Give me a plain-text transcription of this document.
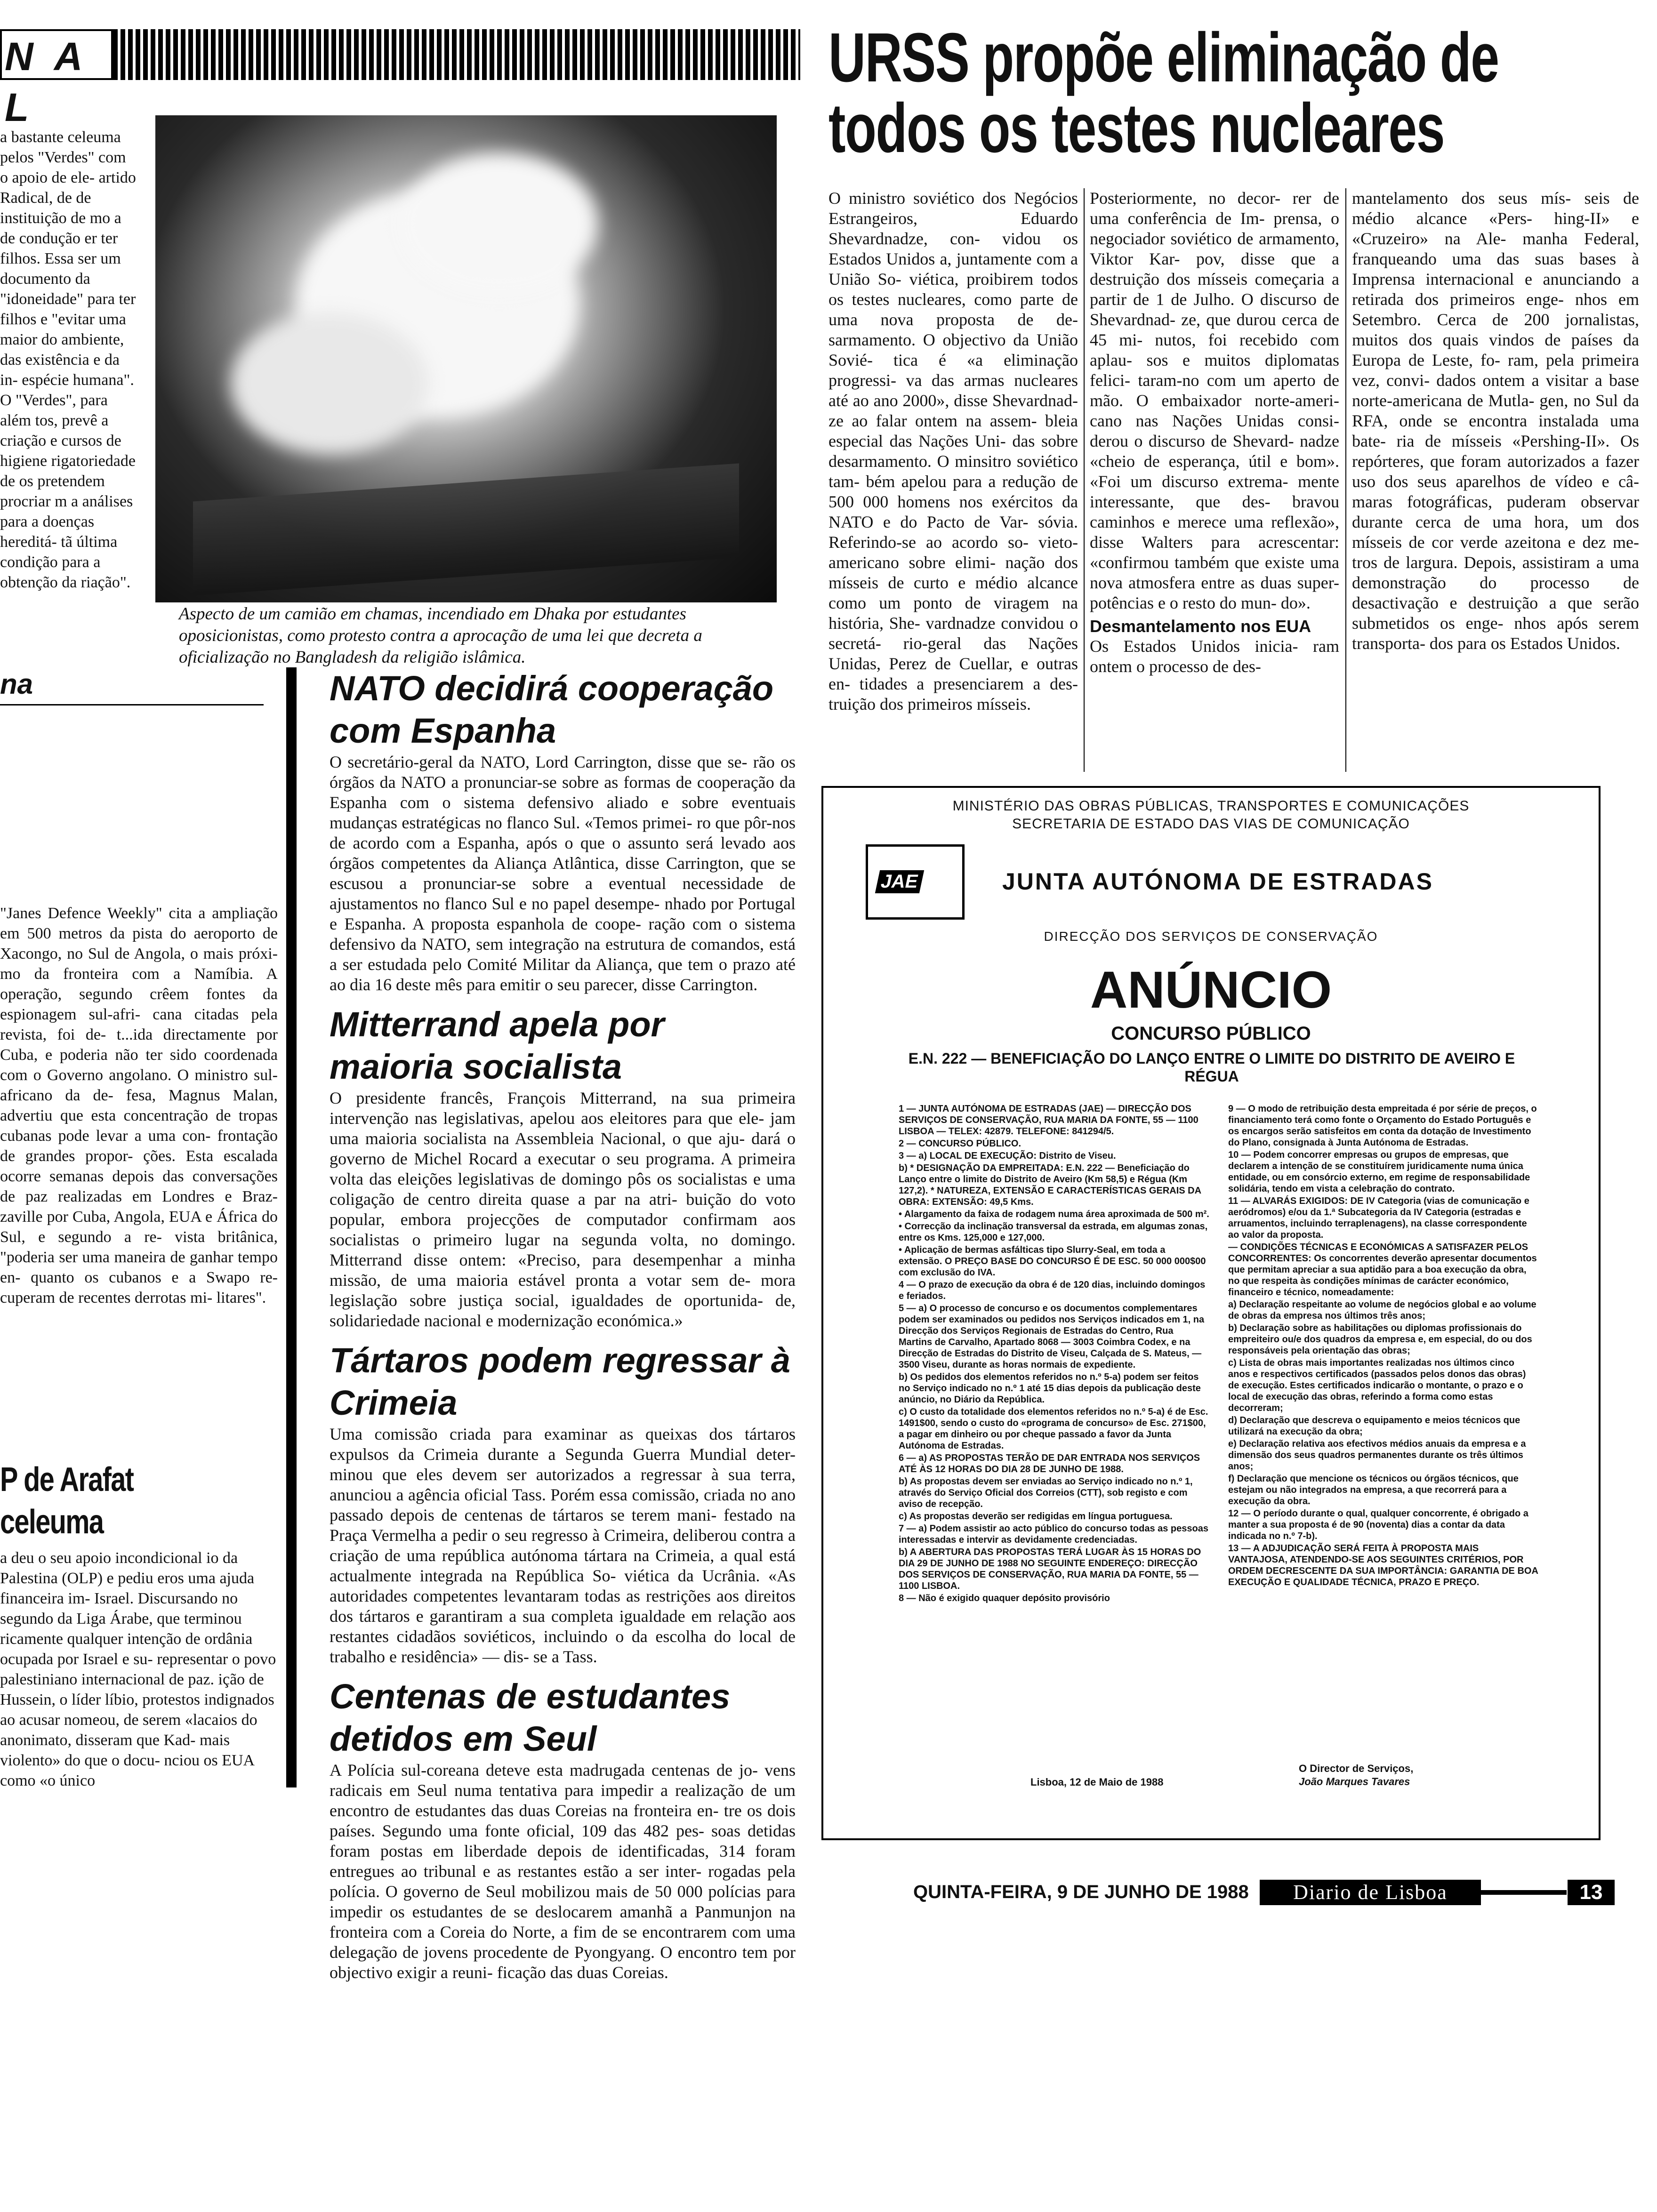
N A L
a bastante celeuma pelos "Verdes" com o apoio de ele- artido Radical, de de instituição de mo a de condução er ter filhos. Essa ser um documento da "idoneidade" para ter filhos e "evitar uma maior do ambiente, das existência e da in- espécie humana". O "Verdes", para além tos, prevê a criação e cursos de higiene rigatoriedade de os pretendem procriar m a análises para a doenças hereditá- tã última condição para a obtenção da riação".
Aspecto de um camião em chamas, incendiado em Dhaka por estudantes oposicionistas, como protesto contra a aprocação de uma lei que decreta a oficialização no Bangladesh da religião islâmica.
URSS propõe eliminação de todos os testes nucleares
O ministro soviético dos Negócios Estrangeiros, Eduardo Shevardnadze, con- vidou os Estados Unidos a, juntamente com a União So- viética, proibirem todos os testes nucleares, como parte de uma nova proposta de de- sarmamento. O objectivo da União Sovié- tica é «a eliminação progressi- va das armas nucleares até ao ano 2000», disse Shevardnad- ze ao falar ontem na assem- bleia especial das Nações Uni- das sobre desarmamento. O minsitro soviético tam- bém apelou para a redução de 500 000 homens nos exércitos da NATO e do Pacto de Var- sóvia. Referindo-se ao acordo so- vieto-americano sobre elimi- nação dos mísseis de curto e médio alcance como um ponto de viragem na história, She- vardnadze convidou o secretá- rio-geral das Nações Unidas, Perez de Cuellar, e outras en- tidades a presenciarem a des- truição dos primeiros mísseis.
Posteriormente, no decor- rer de uma conferência de Im- prensa, o negociador soviético de armamento, Viktor Kar- pov, disse que a destruição dos mísseis começaria a partir de 1 de Julho. O discurso de Shevardnad- ze, que durou cerca de 45 mi- nutos, foi recebido com aplau- sos e muitos diplomatas felici- taram-no com um aperto de mão. O embaixador norte-ameri- cano nas Nações Unidas consi- derou o discurso de Shevard- nadze «cheio de esperança, útil e bom». «Foi um discurso extrema- mente interessante, que des- bravou caminhos e merece uma reflexão», disse Walters para acrescentar: «confirmou também que existe uma nova atmosfera entre as duas super- potências e o resto do mun- do».
Desmantelamento nos EUA
Os Estados Unidos inicia- ram ontem o processo de des-
mantelamento dos seus mís- seis de médio alcance «Pers- hing-II» e «Cruzeiro» na Ale- manha Federal, franqueando uma das suas bases à Imprensa internacional e anunciando a retirada dos primeiros enge- nhos em Setembro. Cerca de 200 jornalistas, muitos dos quais vindos de países da Europa de Leste, fo- ram, pela primeira vez, convi- dados ontem a visitar a base norte-americana de Mutla- gen, no Sul da RFA, onde se encontra instalada uma bate- ria de mísseis «Pershing-II». Os repórteres, que foram autorizados a fazer uso dos seus aparelhos de vídeo e câ- maras fotográficas, puderam observar durante cerca de uma hora, um dos mísseis de cor verde azeitona e dez me- tros de largura. Depois, assistiram a uma demonstração do processo de desactivação e destruição a que serão submetidos os enge- nhos após serem transporta- dos para os Estados Unidos.
na
"Janes Defence Weekly" cita a ampliação em 500 metros da pista do aeroporto de Xacongo, no Sul de Angola, o mais próxi- mo da fronteira com a Namíbia. A operação, segundo crêem fontes da espionagem sul-afri- cana citadas pela revista, foi de- t...ida directamente por Cuba, e poderia não ter sido coordenada com o Governo angolano. O ministro sul-africano da de- fesa, Magnus Malan, advertiu que esta concentração de tropas cubanas pode levar a uma con- frontação de grandes propor- ções. Esta escalada ocorre semanas depois das conversações de paz realizadas em Londres e Braz- zaville por Cuba, Angola, EUA e África do Sul, e segundo a re- vista britânica, "poderia ser uma maneira de ganhar tempo en- quanto os cubanos e a Swapo re- cuperam de recentes derrotas mi- litares".
P de Arafat
celeuma
a deu o seu apoio incondicional io da Palestina (OLP) e pediu eros uma ajuda financeira im- Israel. Discursando no segundo da Liga Árabe, que terminou ricamente qualquer intenção de ordânia ocupada por Israel e su- representar o povo palestiniano internacional de paz. ição de Hussein, o líder líbio, protestos indignados ao acusar nomeou, de serem «lacaios do anonimato, disseram que Kad- mais violento» do que o docu- nciou os EUA como «o único

NATO decidirá cooperação com Espanha

O secretário-geral da NATO, Lord Carrington, disse que se- rão os órgãos da NATO a pronunciar-se sobre as formas de cooperação da Espanha com o sistema defensivo aliado e sobre eventuais mudanças estratégicas no flanco Sul. «Temos primei- ro que pôr-nos de acordo com a Espanha, após o que o assunto será levado aos órgãos competentes da Aliança Atlântica, disse Carrington, que se escusou a pronunciar-se sobre a eventual necessidade de ajustamentos no flanco Sul e no papel desempe- nhado por Portugal e Espanha. A proposta espanhola de coope- ração com o sistema defensivo da NATO, sem integração na estrutura de comandos, está a ser estudada pelo Comité Militar da Aliança, que tem o prazo até ao dia 16 deste mês para emitir o seu parecer, disse Carrington.

Mitterrand apela por maioria socialista

O presidente francês, François Mitterrand, na sua primeira intervenção nas legislativas, apelou aos eleitores para que ele- jam uma maioria socialista na Assembleia Nacional, o que aju- dará o governo de Michel Rocard a executar o seu programa. A primeira volta das eleições legislativas de domingo pôs os socialistas e uma coligação de centro direita quase a par na atri- buição do voto popular, embora projecções de computador confirmam aos socialistas o primeiro lugar na segunda volta, no domingo. Mitterrand disse ontem: «Preciso, para desempenhar a minha missão, de uma maioria estável pronta a votar sem de- mora legislação sobre justiça social, igualdades de oportunida- de, solidariedade nacional e modernização económica.»

Tártaros podem regressar à Crimeia

Uma comissão criada para examinar as queixas dos tártaros expulsos da Crimeia durante a Segunda Guerra Mundial deter- minou que eles devem ser autorizados a regressar à sua terra, anunciou a agência oficial Tass. Porém essa comissão, criada no ano passado depois de centenas de tártaros se terem mani- festado na Praça Vermelha a pedir o seu regresso à Crimeira, deliberou contra a criação de uma república autónoma tártara na Crimeia, a qual está actualmente integrada na República So- viética da Ucrânia. «As autoridades competentes levantaram todas as restrições aos direitos dos tártaros e garantiram a sua completa igualdade em relação aos restantes cidadãos soviéticos, incluindo o da escolha do local de trabalho e residência» — dis- se a Tass.

Centenas de estudantes detidos em Seul

A Polícia sul-coreana deteve esta madrugada centenas de jo- vens radicais em Seul numa tentativa para impedir a realização de um encontro de estudantes das duas Coreias na fronteira en- tre os dois países. Segundo uma fonte oficial, 109 das 482 pes- soas detidas foram postas em liberdade depois de identificadas, 314 foram entregues ao tribunal e as restantes estão a ser inter- rogadas pela polícia. O governo de Seul mobilizou mais de 50 000 polícias para impedir os estudantes de se deslocarem amanhã a Panmunjon na fronteira com a Coreia do Norte, a fim de se encontrarem com uma delegação de jovens procedente de Pyongyang. O encontro tem por objectivo exigir a reuni- ficação das duas Coreias.
MINISTÉRIO DAS OBRAS PÚBLICAS, TRANSPORTES E COMUNICAÇÕES
SECRETARIA DE ESTADO DAS VIAS DE COMUNICAÇÃO
JAE	JUNTA AUTÓNOMA DE ESTRADAS
DIRECÇÃO DOS SERVIÇOS DE CONSERVAÇÃO
ANÚNCIO
CONCURSO PÚBLICO
E.N. 222 — BENEFICIAÇÃO DO LANÇO ENTRE O LIMITE DO DISTRITO DE AVEIRO E RÉGUA

1 — JUNTA AUTÓNOMA DE ESTRADAS (JAE) — DIRECÇÃO DOS SERVIÇOS DE CONSERVAÇÃO, RUA MARIA DA FONTE, 55 — 1100 LISBOA — TELEX: 42879. TELEFONE: 841294/5.

2 — CONCURSO PÚBLICO.

3 — a) LOCAL DE EXECUÇÃO: Distrito de Viseu.

b) * DESIGNAÇÃO DA EMPREITADA: E.N. 222 — Beneficiação do Lanço entre o limite do Distrito de Aveiro (Km 58,5) e Régua (Km 127,2). * NATUREZA, EXTENSÃO E CARACTERÍSTICAS GERAIS DA OBRA: EXTENSÃO: 49,5 Kms.

• Alargamento da faixa de rodagem numa área aproximada de 500 m².

• Correcção da inclinação transversal da estrada, em algumas zonas, entre os Kms. 125,000 e 127,000.

• Aplicação de bermas asfálticas tipo Slurry-Seal, em toda a extensão. O PREÇO BASE DO CONCURSO É DE ESC. 50 000 000$00 com exclusão do IVA.

4 — O prazo de execução da obra é de 120 dias, incluindo domingos e feriados.

5 — a) O processo de concurso e os documentos complementares podem ser examinados ou pedidos nos Serviços indicados em 1, na Direcção dos Serviços Regionais de Estradas do Centro, Rua Martins de Carvalho, Apartado 8068 — 3003 Coimbra Codex, e na Direcção de Estradas do Distrito de Viseu, Calçada de S. Mateus, — 3500 Viseu, durante as horas normais de expediente.

b) Os pedidos dos elementos referidos no n.º 5-a) podem ser feitos no Serviço indicado no n.º 1 até 15 dias depois da publicação deste anúncio, no Diário da República.

c) O custo da totalidade dos elementos referidos no n.º 5-a) é de Esc. 1491$00, sendo o custo do «programa de concurso» de Esc. 271$00, a pagar em dinheiro ou por cheque passado a favor da Junta Autónoma de Estradas.

6 — a) AS PROPOSTAS TERÃO DE DAR ENTRADA NOS SERVIÇOS ATÉ ÀS 12 HORAS DO DIA 28 DE JUNHO DE 1988.

b) As propostas devem ser enviadas ao Serviço indicado no n.º 1, através do Serviço Oficial dos Correios (CTT), sob registo e com aviso de recepção.

c) As propostas deverão ser redigidas em língua portuguesa.

7 — a) Podem assistir ao acto público do concurso todas as pessoas interessadas e intervir as devidamente credenciadas.

b) A ABERTURA DAS PROPOSTAS TERÁ LUGAR ÀS 15 HORAS DO DIA 29 DE JUNHO DE 1988 NO SEGUINTE ENDEREÇO: DIRECÇÃO DOS SERVIÇOS DE CONSERVAÇÃO, RUA MARIA DA FONTE, 55 — 1100 LISBOA.

8 — Não é exigido quaquer depósito provisório

9 — O modo de retribuição desta empreitada é por série de preços, o financiamento terá como fonte o Orçamento do Estado Português e os encargos serão satisfeitos em conta da dotação de Investimento do Plano, consignada à Junta Autónoma de Estradas.

10 — Podem concorrer empresas ou grupos de empresas, que declarem a intenção de se constituírem juridicamente numa única entidade, ou em consórcio externo, em regime de responsabilidade solidária, tendo em vista a celebração do contrato.

11 — ALVARÁS EXIGIDOS: DE IV Categoria (vias de comunicação e aeródromos) e/ou da 1.ª Subcategoria da IV Categoria (estradas e arruamentos, incluindo terraplenagens), na classe correspondente ao valor da proposta.

— CONDIÇÕES TÉCNICAS E ECONÓMICAS A SATISFAZER PELOS CONCORRENTES: Os concorrentes deverão apresentar documentos que permitam apreciar a sua aptidão para a boa execução da obra, no que respeita às condições mínimas de carácter económico, financeiro e técnico, nomeadamente:

a) Declaração respeitante ao volume de negócios global e ao volume de obras da empresa nos últimos três anos;

b) Declaração sobre as habilitações ou diplomas profissionais do empreiteiro ou/e dos quadros da empresa e, em especial, do ou dos responsáveis pela orientação das obras;

c) Lista de obras mais importantes realizadas nos últimos cinco anos e respectivos certificados (passados pelos donos das obras) de execução. Estes certificados indicarão o montante, o prazo e o local de execução das obras, referindo a forma como estas decorreram;

d) Declaração que descreva o equipamento e meios técnicos que utilizará na execução da obra;

e) Declaração relativa aos efectivos médios anuais da empresa e a dimensão dos seus quadros permanentes durante os três últimos anos;

f) Declaração que mencione os técnicos ou órgãos técnicos, que estejam ou não integrados na empresa, a que recorrerá para a execução da obra.

12 — O período durante o qual, qualquer concorrente, é obrigado a manter a sua proposta é de 90 (noventa) dias a contar da data indicada no n.º 7-b).

13 — A ADJUDICAÇÃO SERÁ FEITA À PROPOSTA MAIS VANTAJOSA, ATENDENDO-SE AOS SEGUINTES CRITÉRIOS, POR ORDEM DECRESCENTE DA SUA IMPORTÂNCIA: GARANTIA DE BOA EXECUÇÃO E QUALIDADE TÉCNICA, PRAZO E PREÇO.

Lisboa, 12 de Maio de 1988
O Director de Serviços,
João Marques Tavares
QUINTA-FEIRA, 9 DE JUNHO DE 1988	Diario de Lisboa	13
